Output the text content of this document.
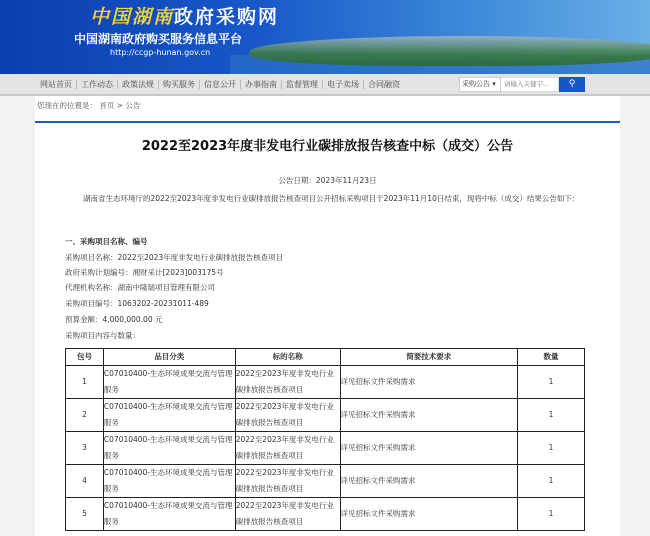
中国湖南政府采购网
中国湖南政府购买服务信息平台
http://ccgp-hunan.gov.cn
网站首页	工作动态	政策法规	购买服务	信息公开	办事指南	监督管理	电子卖场	合同融资	采购公告 ▾
请输入关键字...	⚲
您现在的位置是： 首页 > 公告
2022至2023年度非发电行业碳排放报告核查中标（成交）公告
公告日期：2023年11月23日
湖南省生态环境厅的2022至2023年度非发电行业碳排放报告核查项目公开招标采购项目于2023年11月10日结束，现将中标（成交）结果公告如下：
一、采购项目名称、编号
采购项目名称：2022至2023年度非发电行业碳排放报告核查项目
政府采购计划编号：湘财采计[2023]003175号
代理机构名称：湖南中隆瑞项目管理有限公司
采购项目编号：1063202-20231011-489
预算金额：4,000,000.00 元
采购项目内容与数量：
包号	品目分类	标的名称	简要技术要求	数量
1	C07010400-生态环境成果交流与管理服务	2022至2023年度非发电行业碳排放报告核查项目	详见招标文件采购需求	1
2	C07010400-生态环境成果交流与管理服务	2022至2023年度非发电行业碳排放报告核查项目	详见招标文件采购需求	1
3	C07010400-生态环境成果交流与管理服务	2022至2023年度非发电行业碳排放报告核查项目	详见招标文件采购需求	1
4	C07010400-生态环境成果交流与管理服务	2022至2023年度非发电行业碳排放报告核查项目	详见招标文件采购需求	1
5	C07010400-生态环境成果交流与管理服务	2022至2023年度非发电行业碳排放报告核查项目	详见招标文件采购需求	1
